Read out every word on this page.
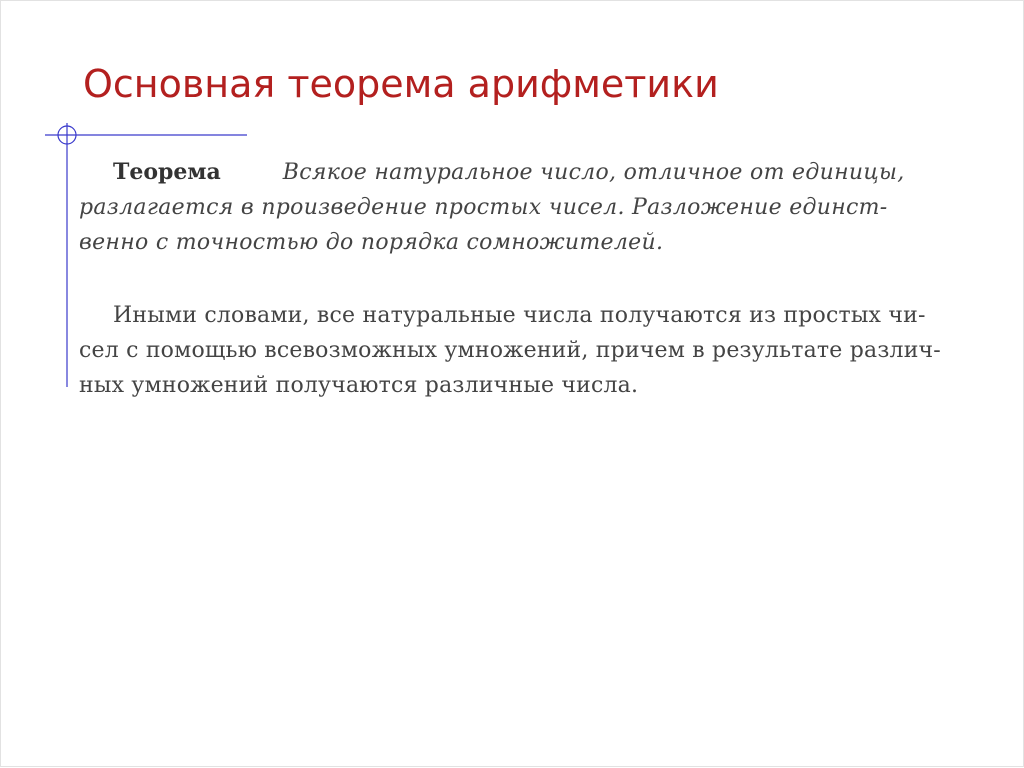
Основная теорема арифметики
Теорема	Всякое натуральное число, отличное от единицы,
разлагается в произведение простых чисел. Разложение единст-
венно с точностью до порядка сомножителей.
Иными словами, все натуральные числа получаются из простых чи-
сел с помощью всевозможных умножений, причем в результате различ-
ных умножений получаются различные числа.
